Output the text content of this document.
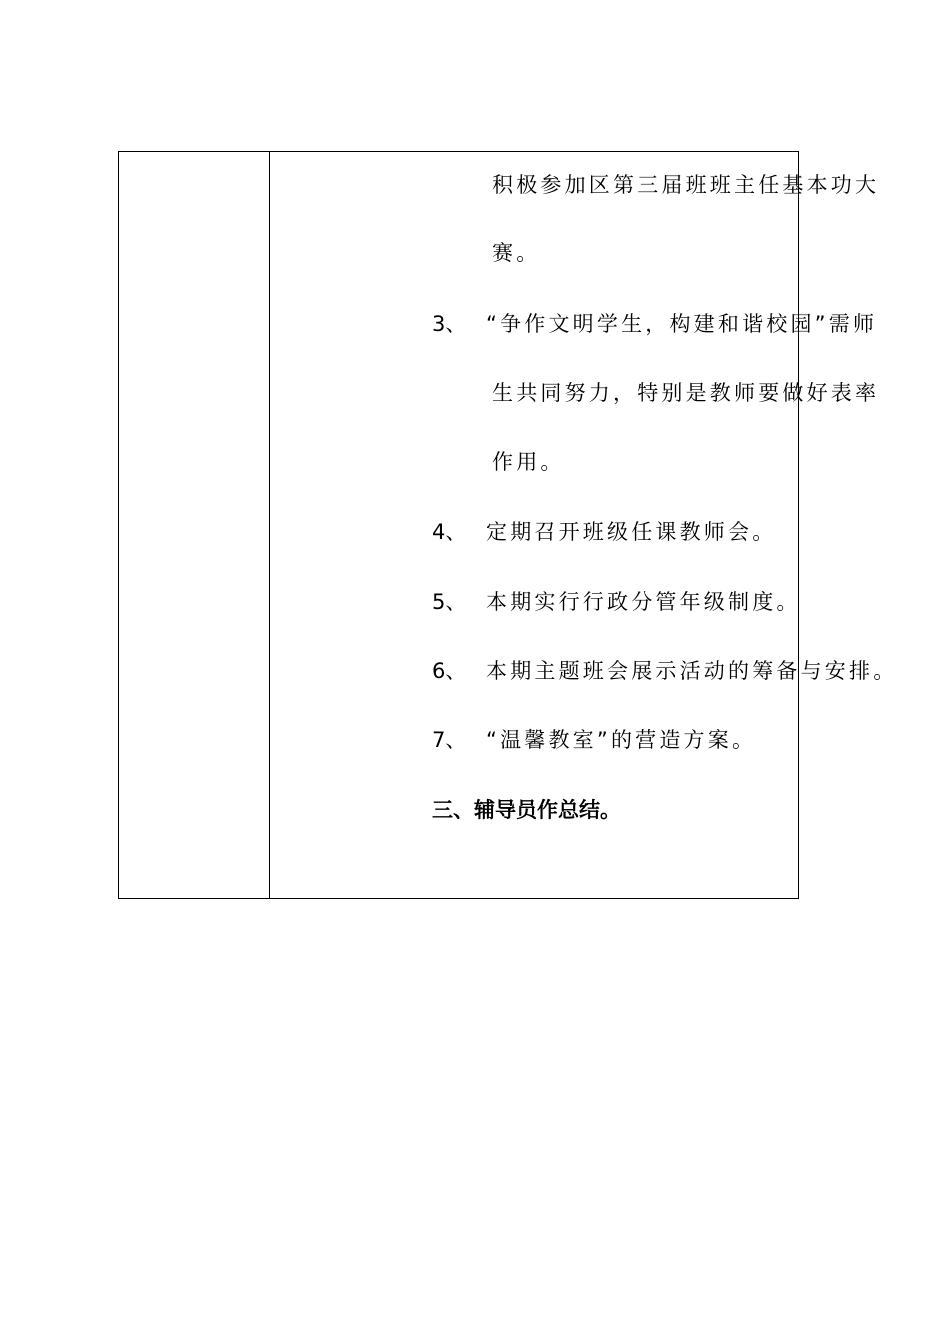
积极参加区第三届班班主任基本功大
赛。
3、 “争作文明学生，构建和谐校园”需师
生共同努力，特别是教师要做好表率
作用。
4、 定期召开班级任课教师会。
5、 本期实行行政分管年级制度。
6、 本期主题班会展示活动的筹备与安排。
7、 “温馨教室”的营造方案。
三、辅导员作总结。
